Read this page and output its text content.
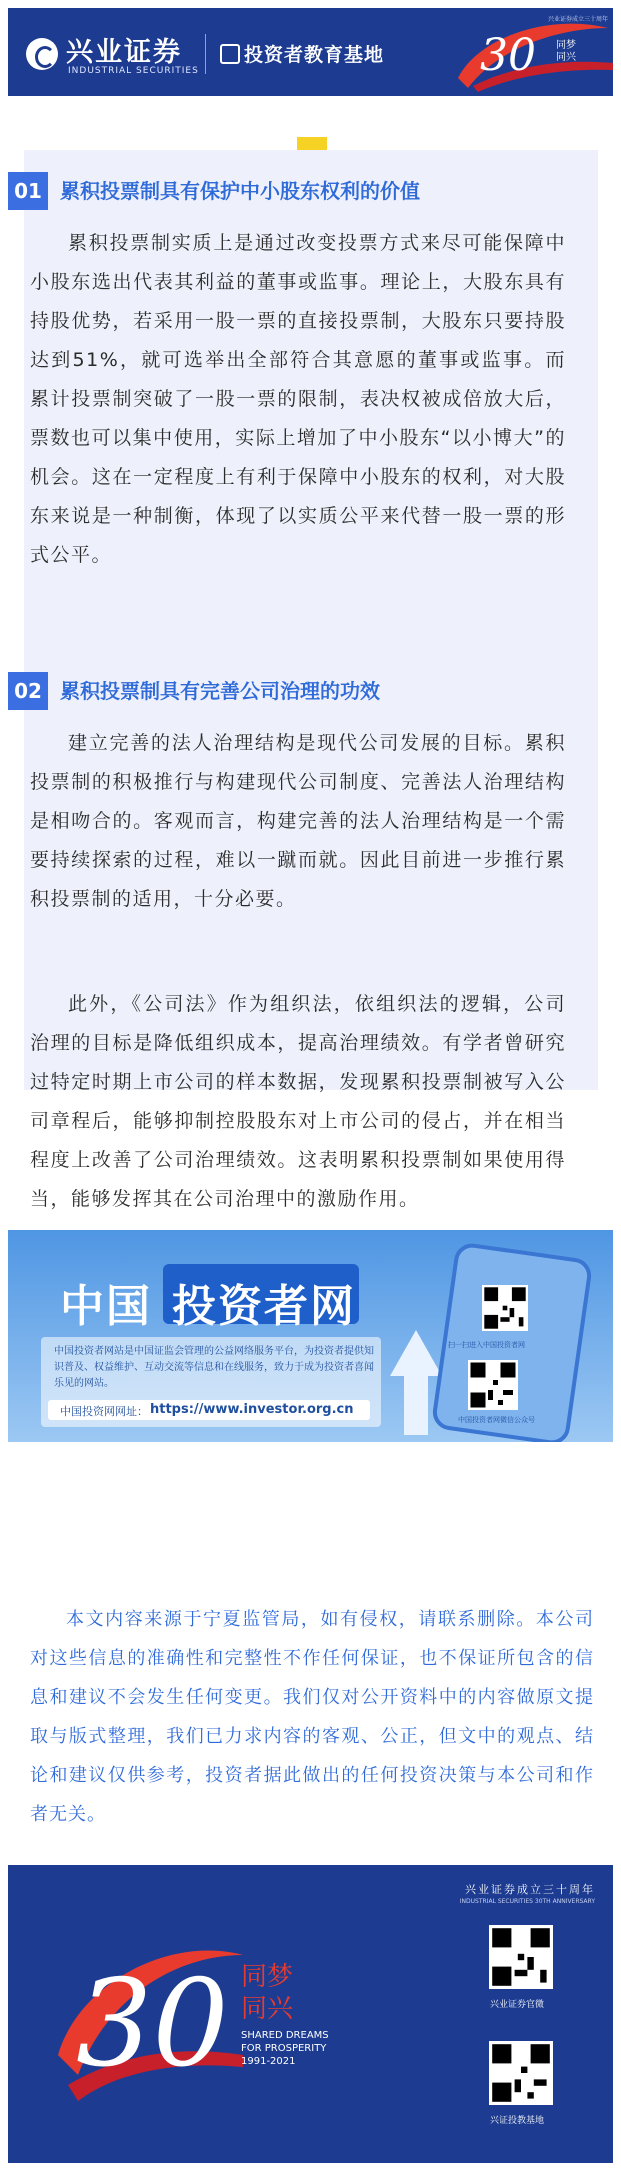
兴业证券
INDUSTRIAL SECURITIES
投资者教育基地 30 同梦
同兴
兴业证券成立三十周年
01 累积投票制具有保护中小股东权利的价值

累积投票制实质上是通过改变投票方式来尽可能保障中小股东选出代表其利益的董事或监事。理论上，大股东具有持股优势，若采用一股一票的直接投票制，大股东只要持股达到51%，就可选举出全部符合其意愿的董事或监事。而累计投票制突破了一股一票的限制，表决权被成倍放大后，票数也可以集中使用，实际上增加了中小股东“以小博大”的机会。这在一定程度上有利于保障中小股东的权利，对大股东来说是一种制衡，体现了以实质公平来代替一股一票的形式公平。

02 累积投票制具有完善公司治理的功效

建立完善的法人治理结构是现代公司发展的目标。累积投票制的积极推行与构建现代公司制度、完善法人治理结构是相吻合的。客观而言，构建完善的法人治理结构是一个需要持续探索的过程，难以一蹴而就。因此目前进一步推行累积投票制的适用，十分必要。

此外，《公司法》作为组织法，依组织法的逻辑，公司治理的目标是降低组织成本，提高治理绩效。有学者曾研究过特定时期上市公司的样本数据，发现累积投票制被写入公司章程后，能够抑制控股股东对上市公司的侵占，并在相当程度上改善了公司治理绩效。这表明累积投票制如果使用得当，能够发挥其在公司治理中的激励作用。

中国 投资者网
中国投资者网站是中国证监会管理的公益网络服务平台，为投资者提供知识普及、权益维护、互动交流等信息和在线服务，致力于成为投资者喜闻乐见的网站。
中国投资网网址： https://www.investor.org.cn
扫一扫进入中国投资者网
中国投资者网微信公众号

本文内容来源于宁夏监管局，如有侵权，请联系删除。本公司对这些信息的准确性和完整性不作任何保证，也不保证所包含的信息和建议不会发生任何变更。我们仅对公开资料中的内容做原文提取与版式整理，我们已力求内容的客观、公正，但文中的观点、结论和建议仅供参考，投资者据此做出的任何投资决策与本公司和作者无关。

兴业证券成立三十周年
INDUSTRIAL SECURITIES 30TH ANNIVERSARY
30 同梦
同兴
SHARED DREAMS
FOR PROSPERITY
1991-2021
兴业证券官微
兴证投教基地
